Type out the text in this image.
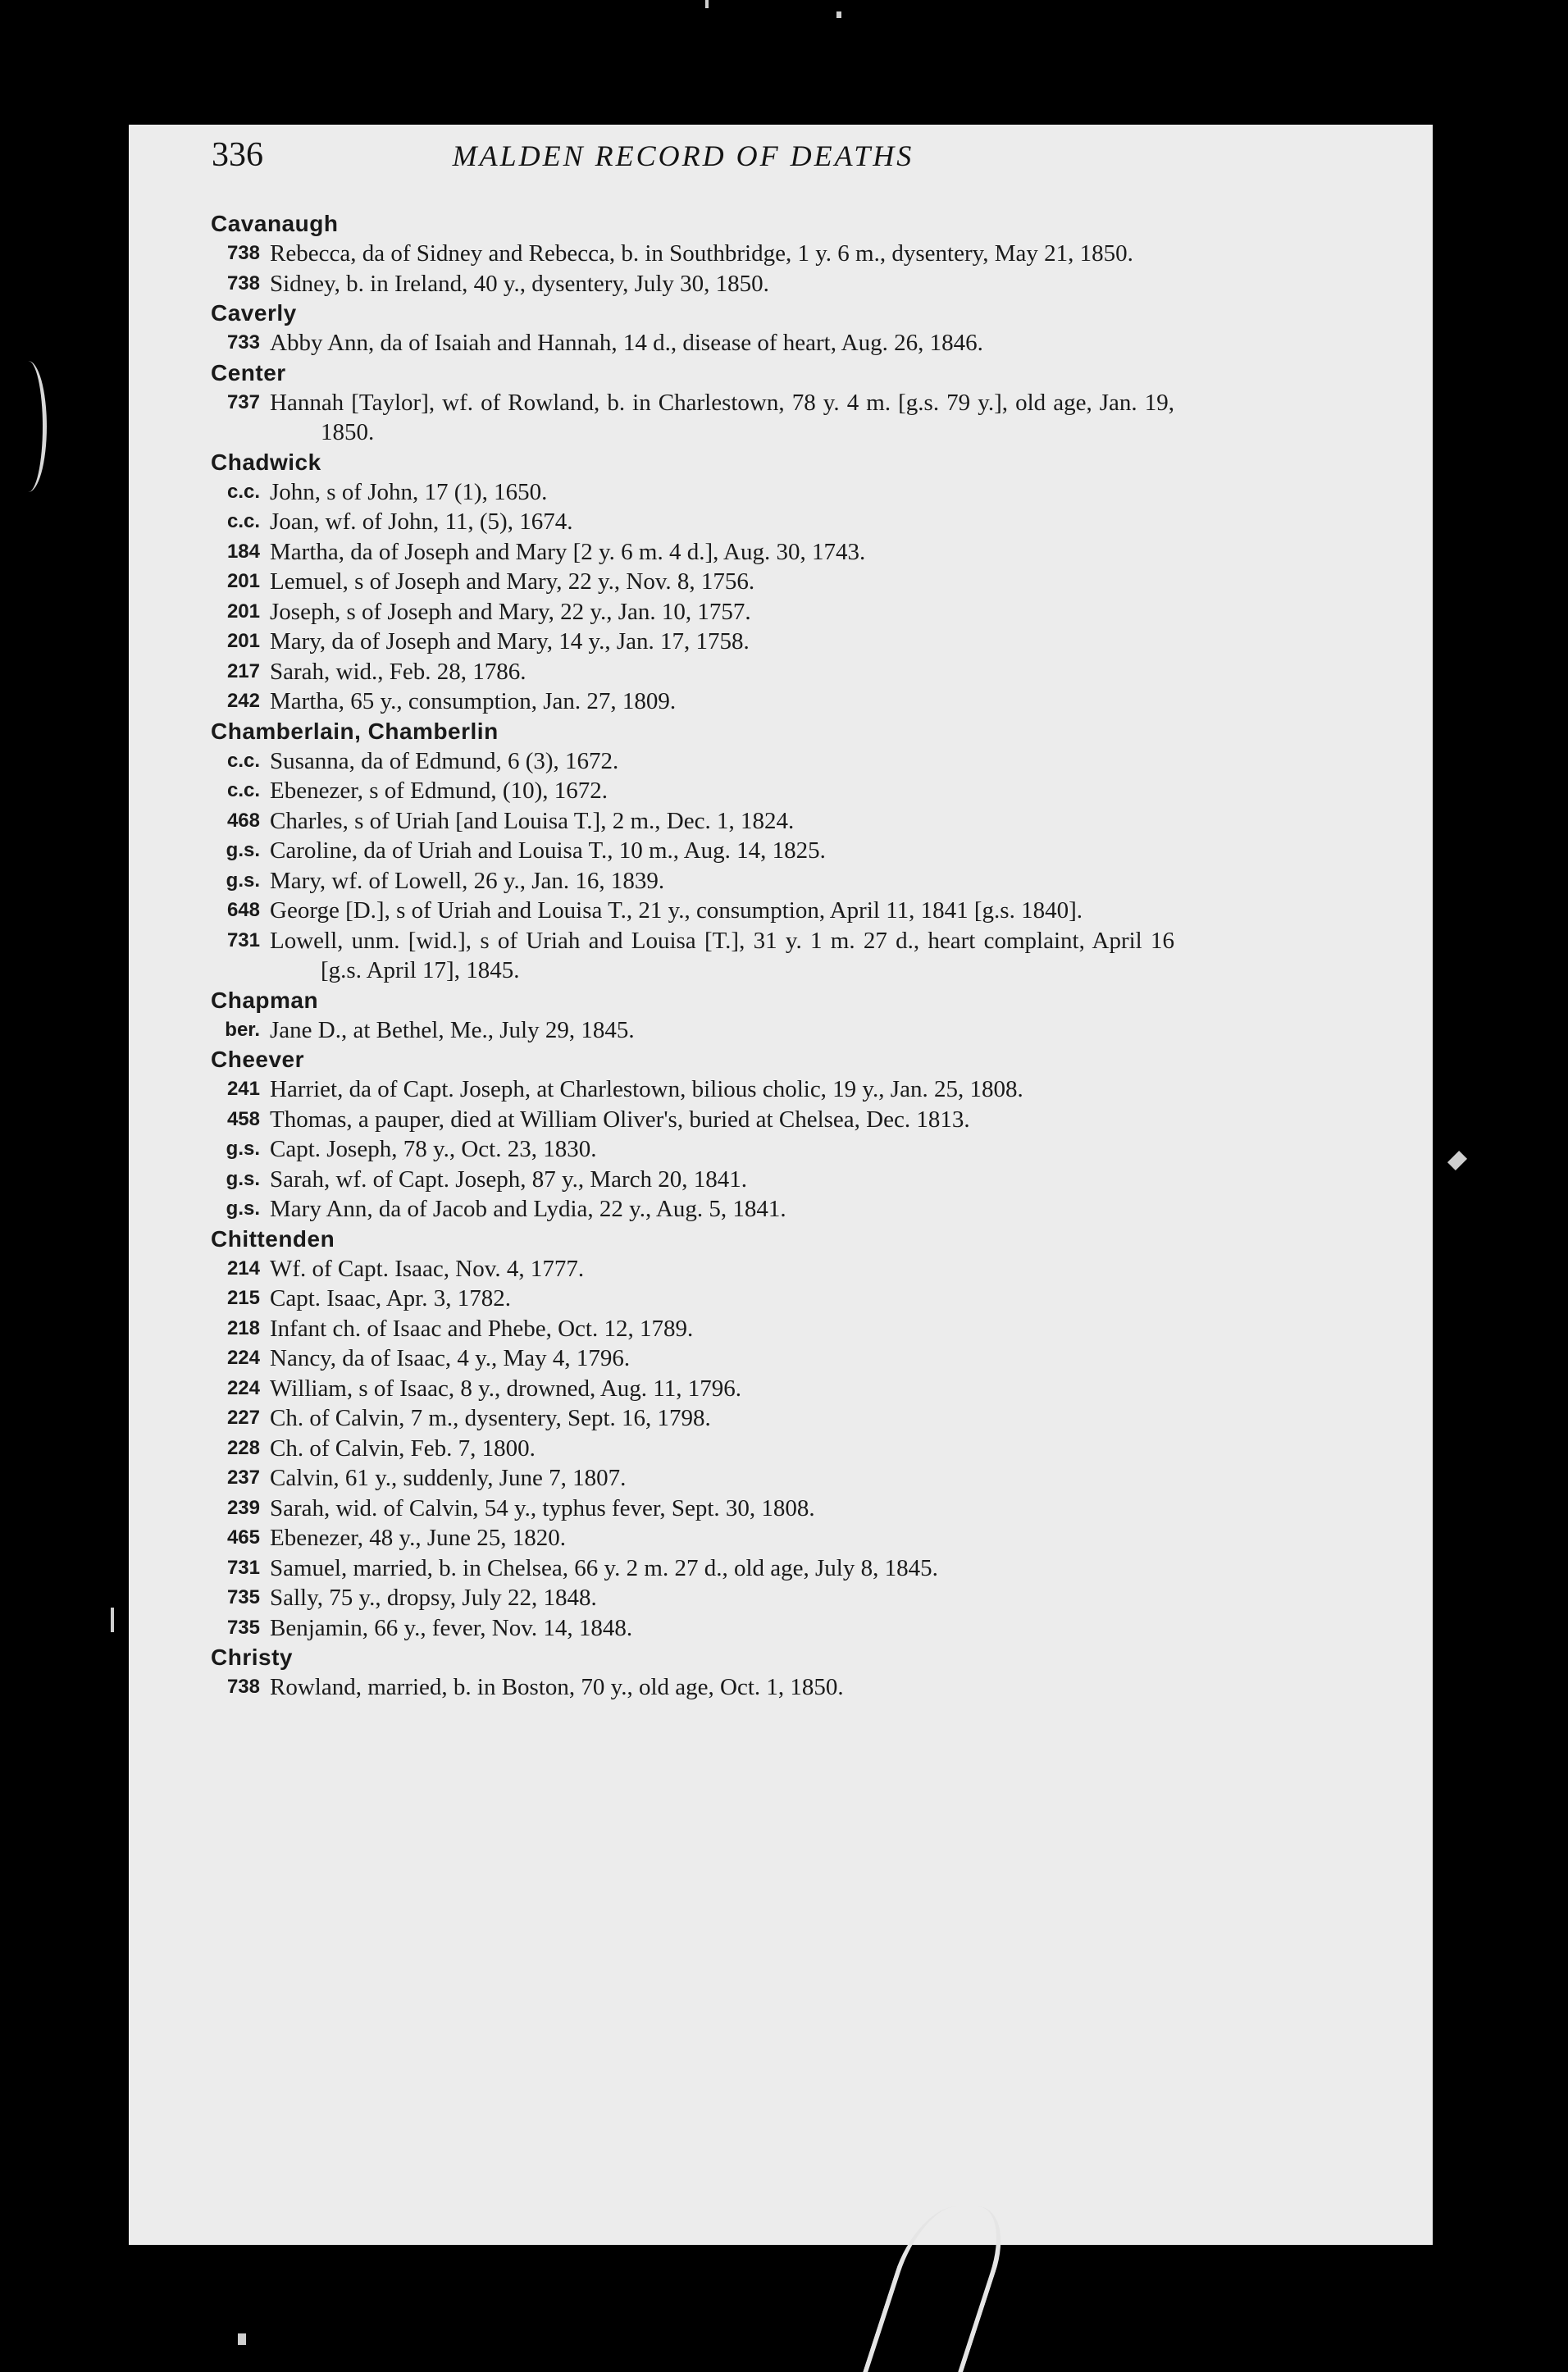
336	MALDEN RECORD OF DEATHS
Cavanaugh
738 Rebecca, da of Sidney and Rebecca, b. in Southbridge, 1 y. 6 m., dysentery, May 21, 1850.
738 Sidney, b. in Ireland, 40 y., dysentery, July 30, 1850.
Caverly
733 Abby Ann, da of Isaiah and Hannah, 14 d., disease of heart, Aug. 26, 1846.
Center
737 Hannah [Taylor], wf. of Rowland, b. in Charlestown, 78 y. 4 m. [g.s. 79 y.], old age, Jan. 19, 1850.
Chadwick
c.c. John, s of John, 17 (1), 1650.
c.c. Joan, wf. of John, 11, (5), 1674.
184 Martha, da of Joseph and Mary [2 y. 6 m. 4 d.], Aug. 30, 1743.
201 Lemuel, s of Joseph and Mary, 22 y., Nov. 8, 1756.
201 Joseph, s of Joseph and Mary, 22 y., Jan. 10, 1757.
201 Mary, da of Joseph and Mary, 14 y., Jan. 17, 1758.
217 Sarah, wid., Feb. 28, 1786.
242 Martha, 65 y., consumption, Jan. 27, 1809.
Chamberlain, Chamberlin
c.c. Susanna, da of Edmund, 6 (3), 1672.
c.c. Ebenezer, s of Edmund, (10), 1672.
468 Charles, s of Uriah [and Louisa T.], 2 m., Dec. 1, 1824.
g.s. Caroline, da of Uriah and Louisa T., 10 m., Aug. 14, 1825.
g.s. Mary, wf. of Lowell, 26 y., Jan. 16, 1839.
648 George [D.], s of Uriah and Louisa T., 21 y., consumption, April 11, 1841 [g.s. 1840].
731 Lowell, unm. [wid.], s of Uriah and Louisa [T.], 31 y. 1 m. 27 d., heart complaint, April 16 [g.s. April 17], 1845.
Chapman
ber. Jane D., at Bethel, Me., July 29, 1845.
Cheever
241 Harriet, da of Capt. Joseph, at Charlestown, bilious cholic, 19 y., Jan. 25, 1808.
458 Thomas, a pauper, died at William Oliver's, buried at Chelsea, Dec. 1813.
g.s. Capt. Joseph, 78 y., Oct. 23, 1830.
g.s. Sarah, wf. of Capt. Joseph, 87 y., March 20, 1841.
g.s. Mary Ann, da of Jacob and Lydia, 22 y., Aug. 5, 1841.
Chittenden
214 Wf. of Capt. Isaac, Nov. 4, 1777.
215 Capt. Isaac, Apr. 3, 1782.
218 Infant ch. of Isaac and Phebe, Oct. 12, 1789.
224 Nancy, da of Isaac, 4 y., May 4, 1796.
224 William, s of Isaac, 8 y., drowned, Aug. 11, 1796.
227 Ch. of Calvin, 7 m., dysentery, Sept. 16, 1798.
228 Ch. of Calvin, Feb. 7, 1800.
237 Calvin, 61 y., suddenly, June 7, 1807.
239 Sarah, wid. of Calvin, 54 y., typhus fever, Sept. 30, 1808.
465 Ebenezer, 48 y., June 25, 1820.
731 Samuel, married, b. in Chelsea, 66 y. 2 m. 27 d., old age, July 8, 1845.
735 Sally, 75 y., dropsy, July 22, 1848.
735 Benjamin, 66 y., fever, Nov. 14, 1848.
Christy
738 Rowland, married, b. in Boston, 70 y., old age, Oct. 1, 1850.
